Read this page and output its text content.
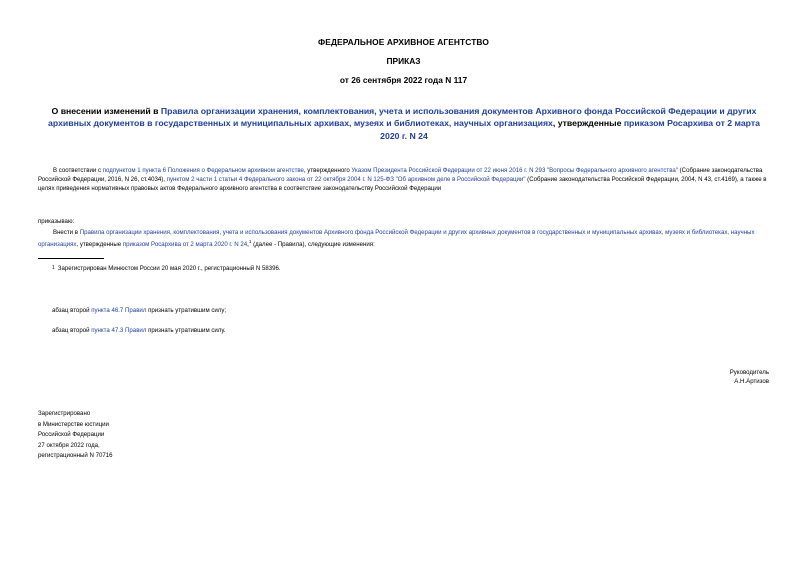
ФЕДЕРАЛЬНОЕ АРХИВНОЕ АГЕНТСТВО
ПРИКАЗ
от 26 сентября 2022 года N 117
О внесении изменений в Правила организации хранения, комплектования, учета и использования документов Архивного фонда Российской Федерации и других архивных документов в государственных и муниципальных архивах, музеях и библиотеках, научных организациях, утвержденные приказом Росархива от 2 марта 2020 г. N 24
В соответствии с подпунктом 1 пункта 6 Положения о Федеральном архивном агентстве, утвержденного Указом Президента Российской Федерации от 22 июня 2016 г. N 293 "Вопросы Федерального архивного агентства" (Собрание законодательства Российской Федерации, 2016, N 26, ст.4034), пунктом 2 части 1 статьи 4 Федерального закона от 22 октября 2004 г. N 125-ФЗ "Об архивном деле в Российской Федерации" (Собрание законодательства Российской Федерации, 2004, N 43, ст.4169), а также в целях приведения нормативных правовых актов Федерального архивного агентства в соответствие законодательству Российской Федерации
приказываю:
Внести в Правила организации хранения, комплектования, учета и использования документов Архивного фонда Российской Федерации и других архивных документов в государственных и муниципальных архивах, музеях и библиотеках, научных организациях, утвержденные приказом Росархива от 2 марта 2020 г. N 24,$^1$ (далее - Правила), следующие изменения:
$^1$ Зарегистрирован Минюстом России 20 мая 2020 г., регистрационный N 58396.
абзац второй пункта 46.7 Правил признать утратившим силу;
абзац второй пункта 47.3 Правил признать утратившим силу.
Руководитель
А.Н.Артизов
Зарегистрировано
в Министерстве юстиции
Российской Федерации
27 октября 2022 года,
регистрационный N 70716
